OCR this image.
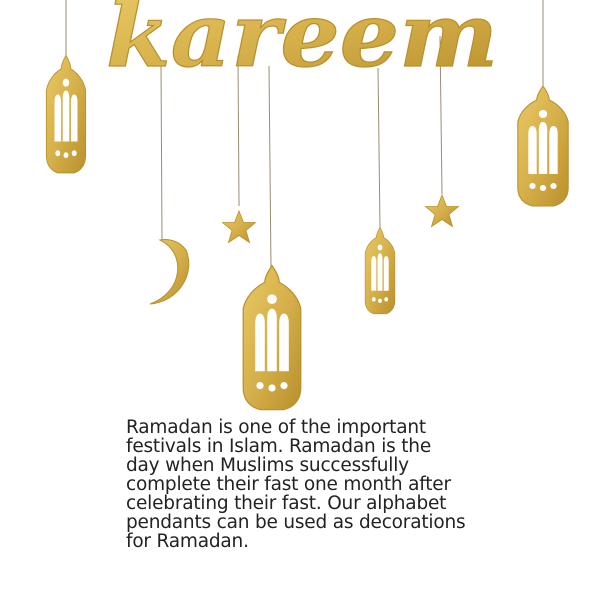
kareem
Ramadan is one of the important
festivals in Islam. Ramadan is the
day when Muslims successfully
complete their fast one month after
celebrating their fast. Our alphabet
pendants can be used as decorations
for Ramadan.
